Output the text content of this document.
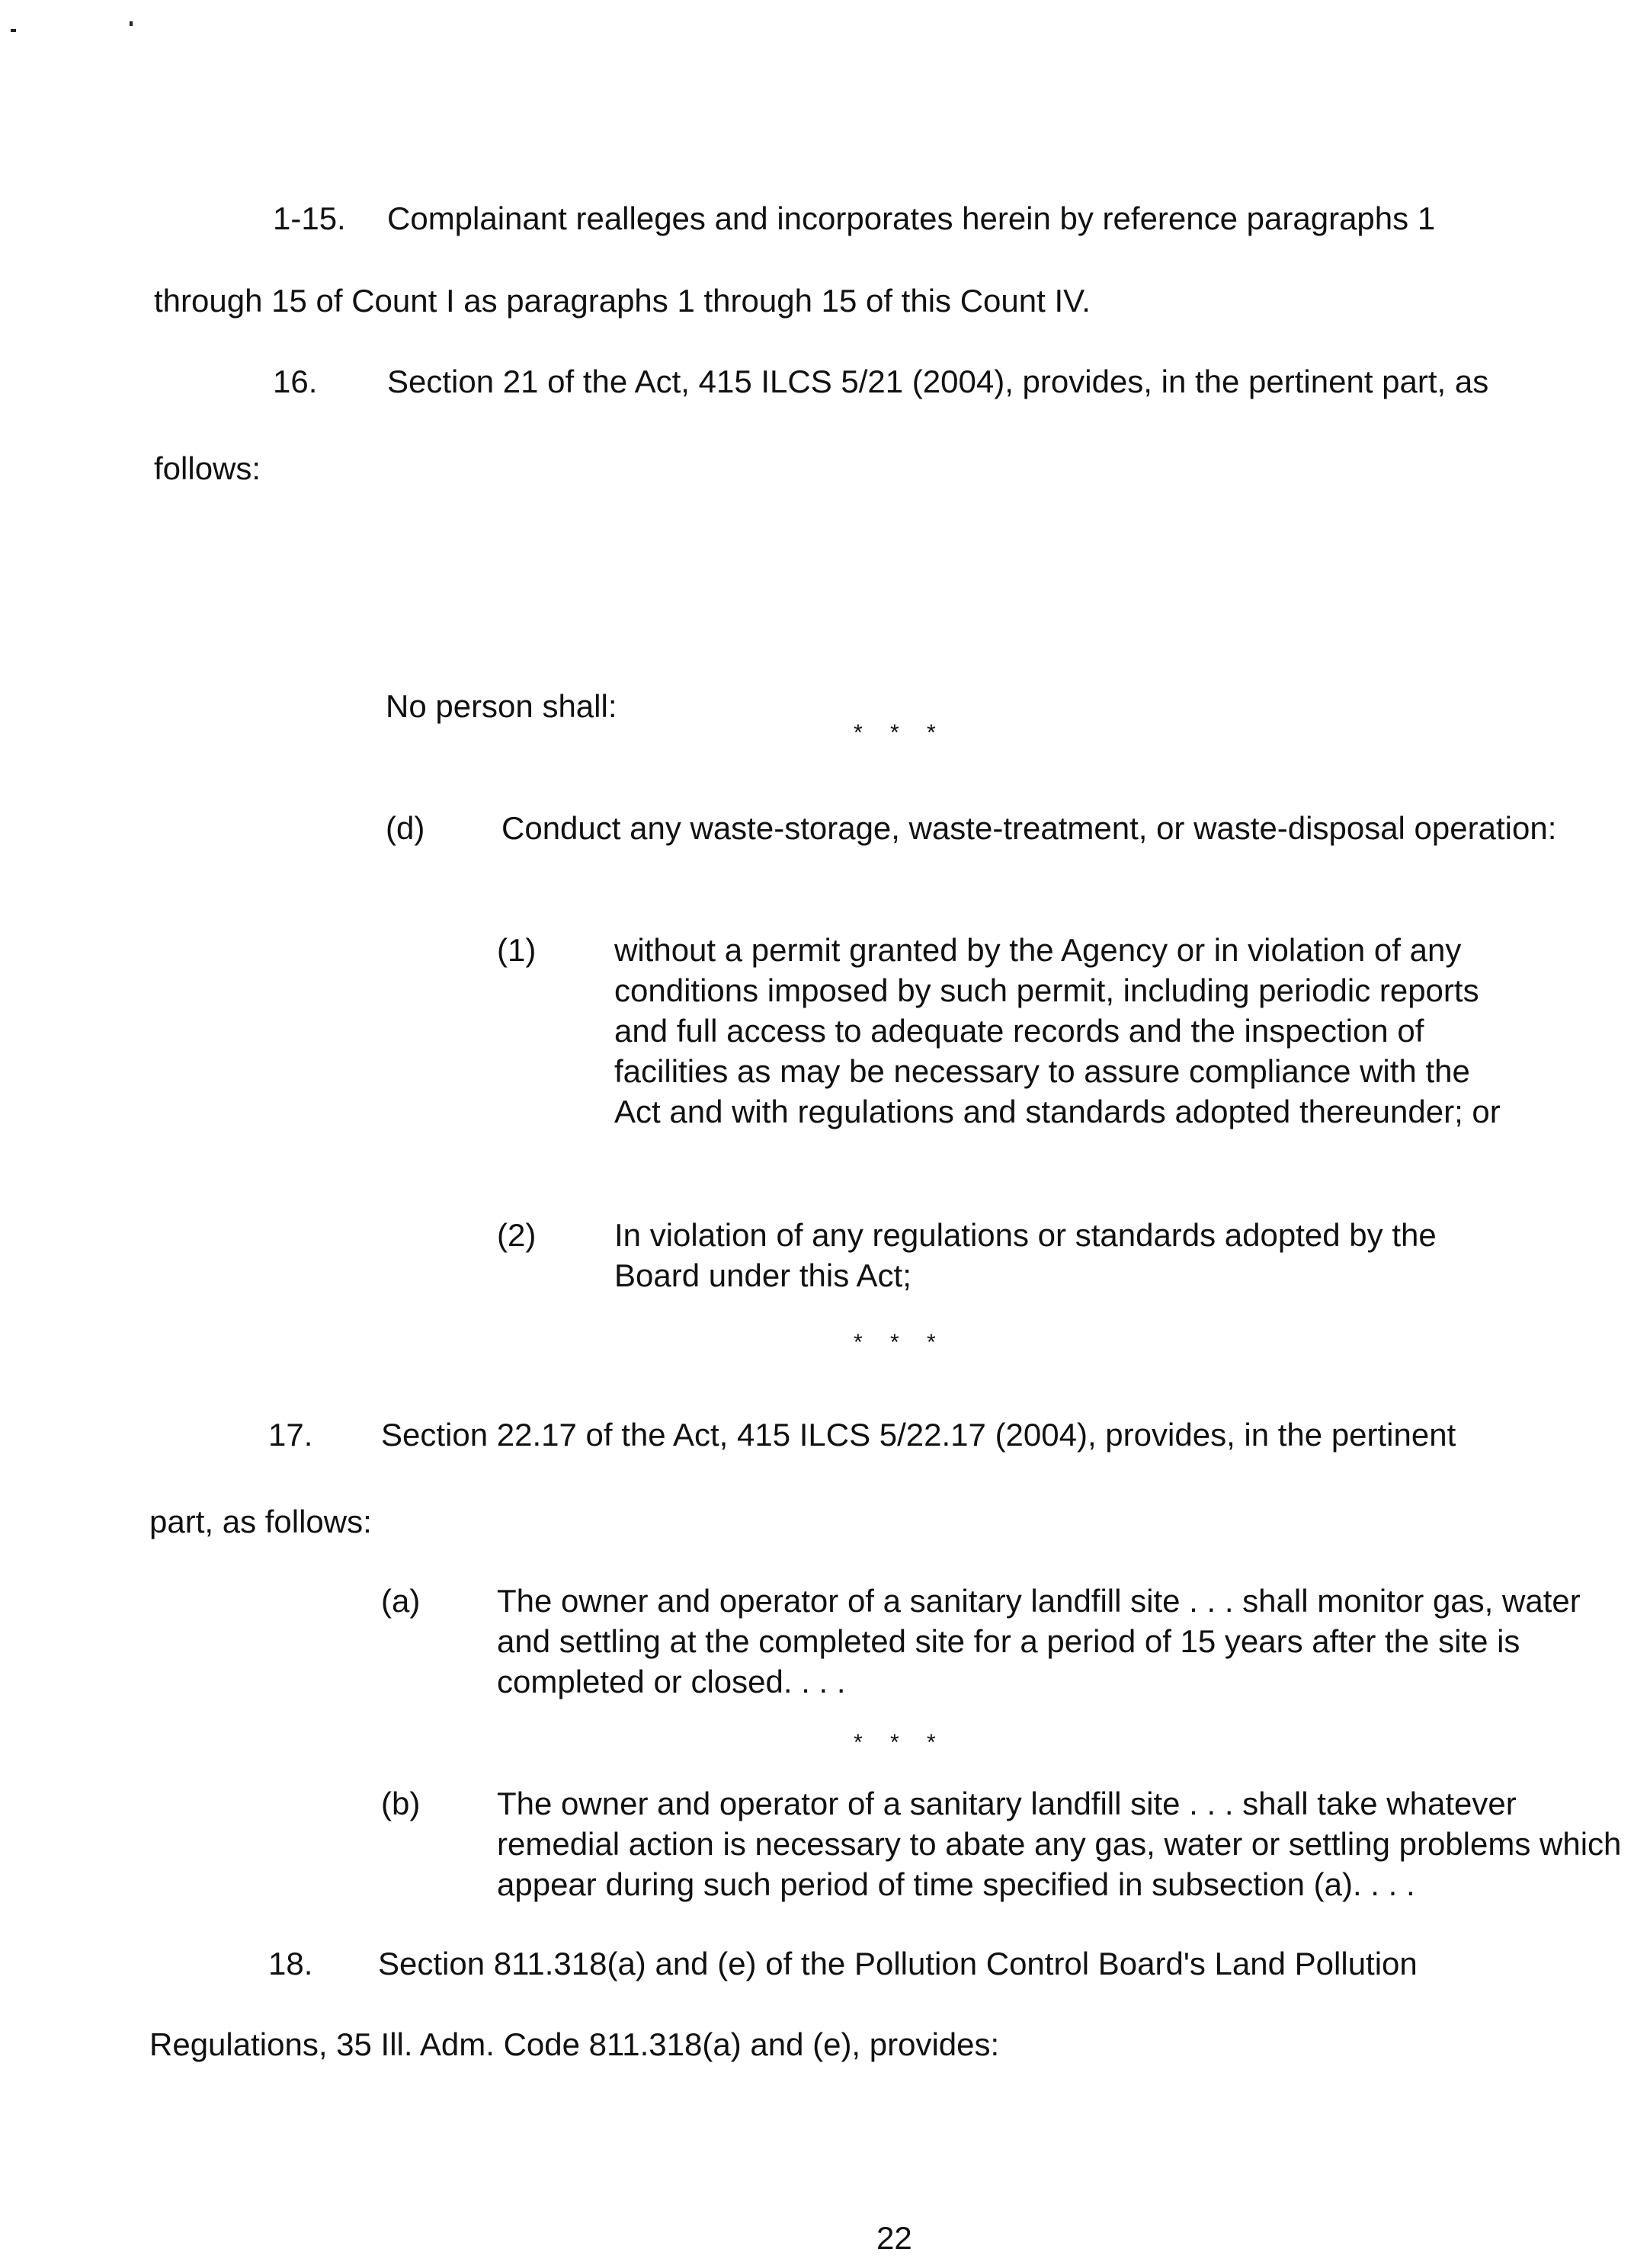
1-15. Complainant realleges and incorporates herein by reference paragraphs 1
through 15 of Count I as paragraphs 1 through 15 of this Count IV.
16. Section 21 of the Act, 415 ILCS 5/21 (2004), provides, in the pertinent part, as
follows:
No person shall:
* * *
(d) Conduct any waste-storage, waste-treatment, or waste-disposal operation:
(1) without a permit granted by the Agency or in violation of any conditions imposed by such permit, including periodic reports and full access to adequate records and the inspection of facilities as may be necessary to assure compliance with the Act and with regulations and standards adopted thereunder; or
(2) In violation of any regulations or standards adopted by the Board under this Act;
* * *
17. Section 22.17 of the Act, 415 ILCS 5/22.17 (2004), provides, in the pertinent
part, as follows:
(a) The owner and operator of a sanitary landfill site . . . shall monitor gas, water and settling at the completed site for a period of 15 years after the site is completed or closed. . . .
* * *
(b) The owner and operator of a sanitary landfill site . . . shall take whatever remedial action is necessary to abate any gas, water or settling problems which appear during such period of time specified in subsection (a). . . .
18. Section 811.318(a) and (e) of the Pollution Control Board's Land Pollution
Regulations, 35 Ill. Adm. Code 811.318(a) and (e), provides:
22
